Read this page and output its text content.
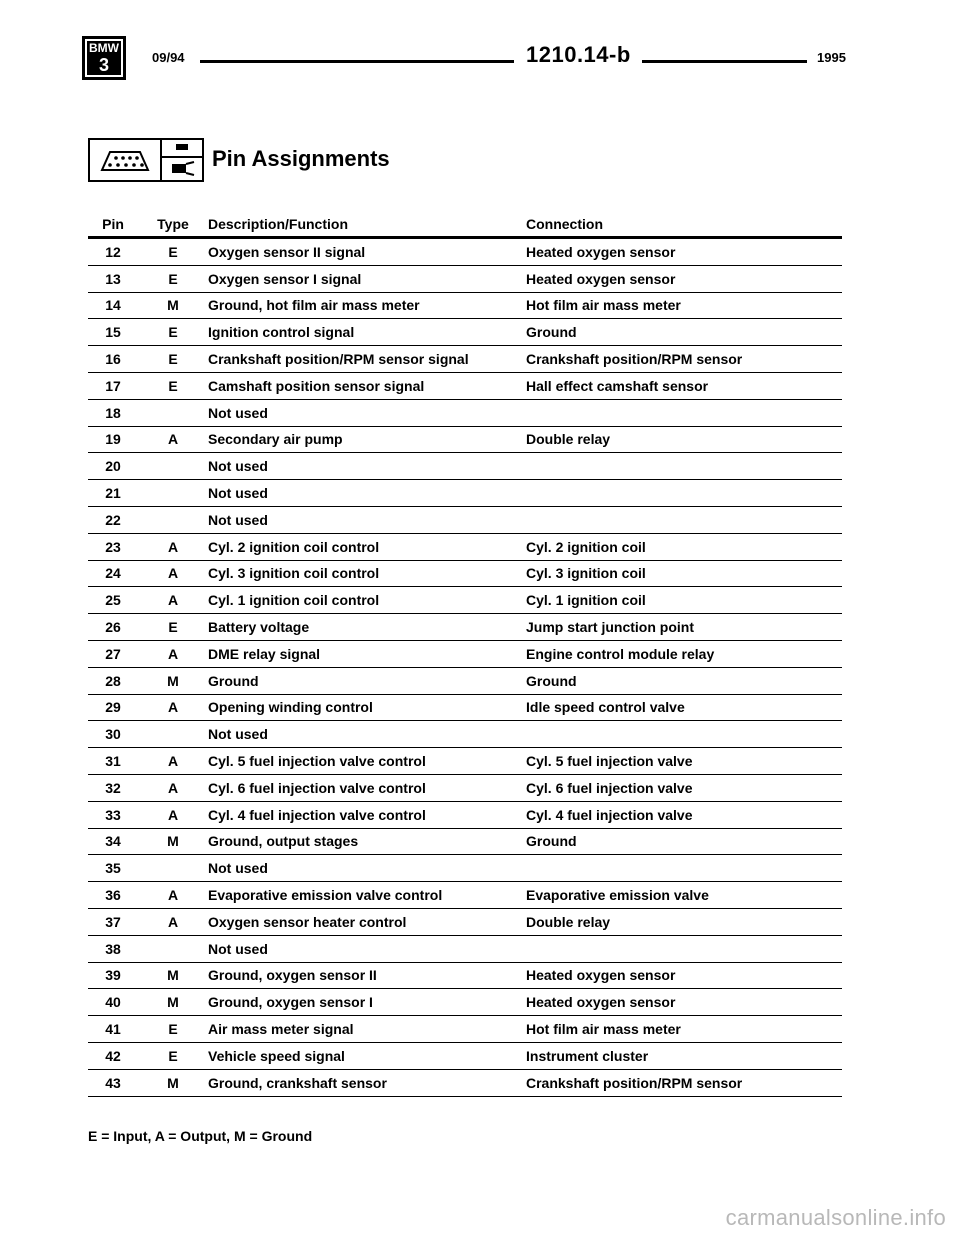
BMW
3	09/94	1210.14-b	1995
Pin Assignments
Pin	Type	Description/Function	Connection
12	E	Oxygen sensor II signal	Heated oxygen sensor
13	E	Oxygen sensor I signal	Heated oxygen sensor
14	M	Ground, hot film air mass meter	Hot film air mass meter
15	E	Ignition control signal	Ground
16	E	Crankshaft position/RPM sensor signal	Crankshaft position/RPM sensor
17	E	Camshaft position sensor signal	Hall effect camshaft sensor
18		Not used	
19	A	Secondary air pump	Double relay
20		Not used	
21		Not used	
22		Not used	
23	A	Cyl. 2 ignition coil control	Cyl. 2 ignition coil
24	A	Cyl. 3 ignition coil control	Cyl. 3 ignition coil
25	A	Cyl. 1 ignition coil control	Cyl. 1 ignition coil
26	E	Battery voltage	Jump start junction point
27	A	DME relay signal	Engine control module relay
28	M	Ground	Ground
29	A	Opening winding control	Idle speed control valve
30		Not used	
31	A	Cyl. 5 fuel injection valve control	Cyl. 5 fuel injection valve
32	A	Cyl. 6 fuel injection valve control	Cyl. 6 fuel injection valve
33	A	Cyl. 4 fuel injection valve control	Cyl. 4 fuel injection valve
34	M	Ground, output stages	Ground
35		Not used	
36	A	Evaporative emission valve control	Evaporative emission valve
37	A	Oxygen sensor heater control	Double relay
38		Not used	
39	M	Ground, oxygen sensor II	Heated oxygen sensor
40	M	Ground, oxygen sensor I	Heated oxygen sensor
41	E	Air mass meter signal	Hot film air mass meter
42	E	Vehicle speed signal	Instrument cluster
43	M	Ground, crankshaft sensor	Crankshaft position/RPM sensor
E = Input, A = Output, M = Ground
carmanualsonline.info
